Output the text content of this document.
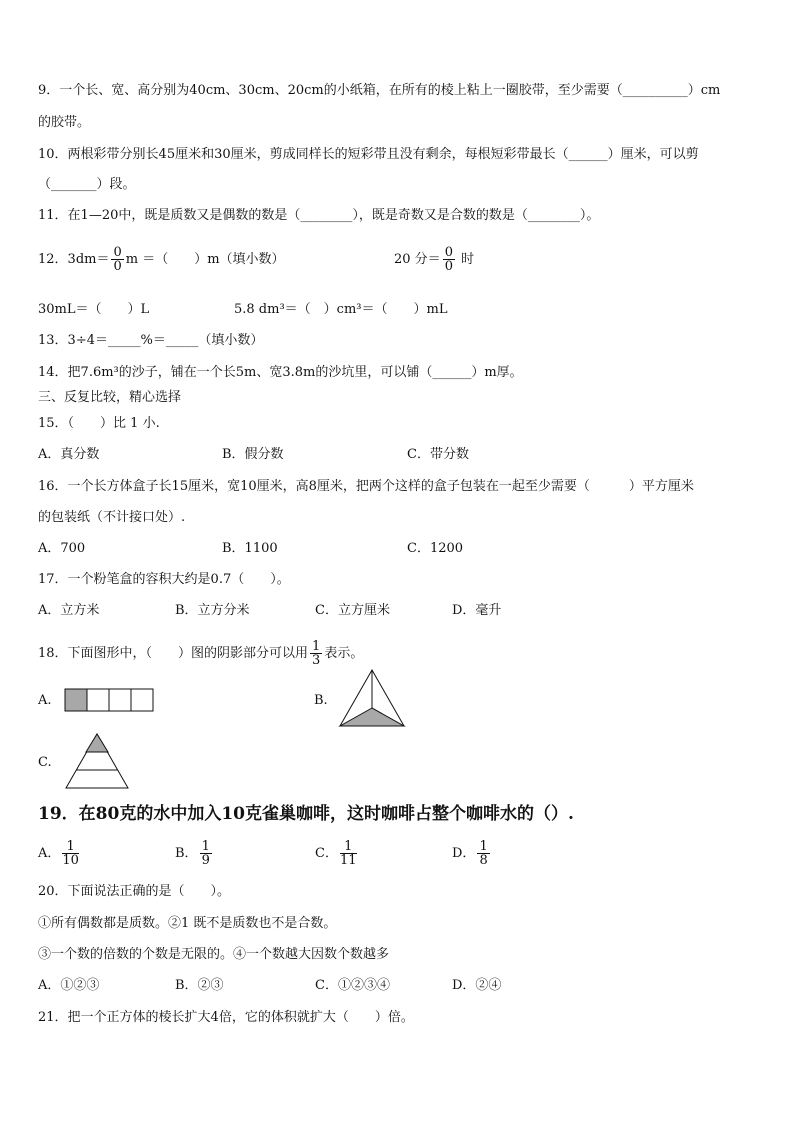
9．一个长、宽、高分别为40cm、30cm、20cm的小纸箱，在所有的棱上粘上一圈胶带，至少需要（__________）cm
的胶带。
10．两根彩带分别长45厘米和30厘米，剪成同样长的短彩带且没有剩余，每根短彩带最长（______）厘米，可以剪
（_______）段。
11．在1—20中，既是质数又是偶数的数是（________），既是奇数又是合数的数是（________）。
12．$3dm= \frac{0}{0}$ m ＝（　　）m（填小数）	20 分＝ $\frac{0}{0}$ 时
30mL＝（　　）L	5.8 dm³＝（　）cm³＝（　　）mL
13．3÷4＝_____%＝_____（填小数）
14．把7.6m³的沙子，铺在一个长5m、宽3.8m的沙坑里，可以铺（______）m厚。
三、反复比较，精心选择
15．（　　）比 1 小.
A．真分数	B．假分数	C．带分数
16．一个长方体盒子长15厘米，宽10厘米，高8厘米，把两个这样的盒子包装在一起至少需要（　　　）平方厘米
的包装纸（不计接口处）.
A．700	B．1100	C．1200
17．一个粉笔盒的容积大约是0.7（　　）。
A．立方米	B．立方分米	C．立方厘米	D．毫升
18．下面图形中，（　　）图的阴影部分可以用 $\frac{1}{3}$ 表示。
A.	B.
C.
19．在80克的水中加入10克雀巢咖啡，这时咖啡占整个咖啡水的（）.
A． $\frac{1}{10}$	B． $\frac{1}{9}$	C． $\frac{1}{11}$	D． $\frac{1}{8}$
20．下面说法正确的是（　　）。
①所有偶数都是质数。②1 既不是质数也不是合数。
③一个数的倍数的个数是无限的。④一个数越大因数个数越多
A．①②③	B．②③	C．①②③④	D．②④
21．把一个正方体的棱长扩大4倍，它的体积就扩大（　　）倍。
